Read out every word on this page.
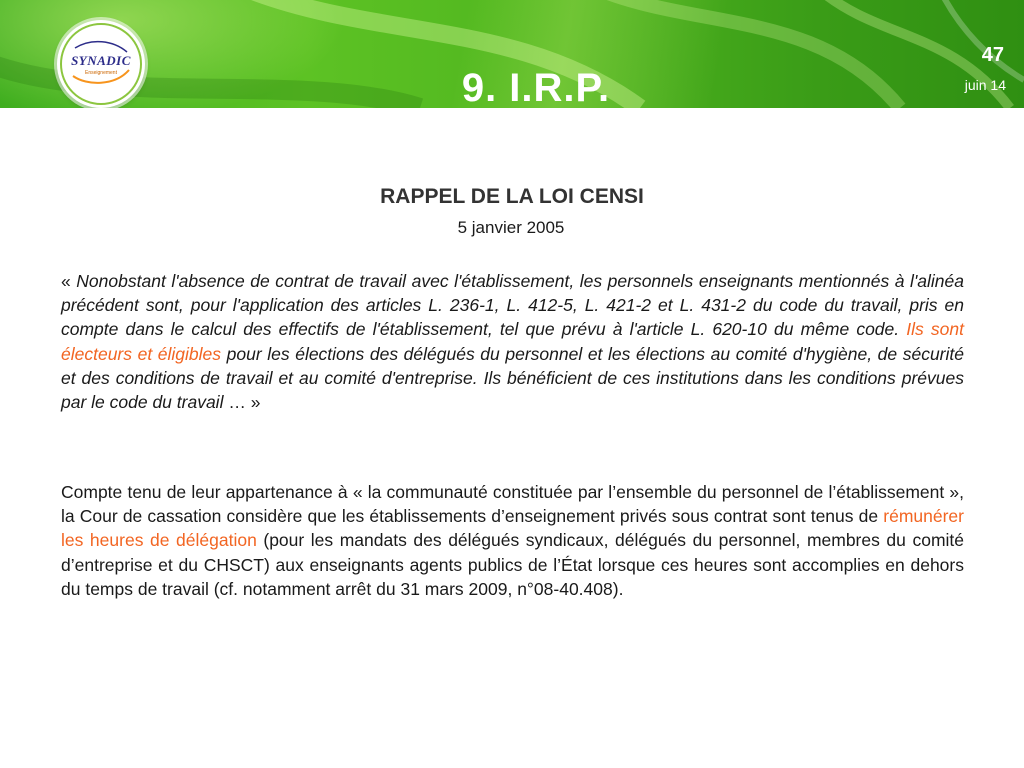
SYNADIC
Enseignement	9. I.R.P.
47
juin 14
RAPPEL DE LA LOI CENSI
5 janvier 2005
« Nonobstant l'absence de contrat de travail avec l'établissement, les personnels enseignants mentionnés à l'alinéa précédent sont, pour l'application des articles L. 236-1, L. 412-5, L. 421-2 et L. 431-2 du code du travail, pris en compte dans le calcul des effectifs de l'établissement, tel que prévu à l'article L. 620-10 du même code. Ils sont électeurs et éligibles pour les élections des délégués du personnel et les élections au comité d'hygiène, de sécurité et des conditions de travail et au comité d'entreprise. Ils bénéficient de ces institutions dans les conditions prévues par le code du travail … »
Compte tenu de leur appartenance à « la communauté constituée par l’ensemble du personnel de l’établissement », la Cour de cassation considère que les établissements d’enseignement privés sous contrat sont tenus de rémunérer les heures de délégation (pour les mandats des délégués syndicaux, délégués du personnel, membres du comité d’entreprise et du CHSCT) aux enseignants agents publics de l’État lorsque ces heures sont accomplies en dehors du temps de travail (cf. notamment arrêt du 31 mars 2009, n°08-40.408).
